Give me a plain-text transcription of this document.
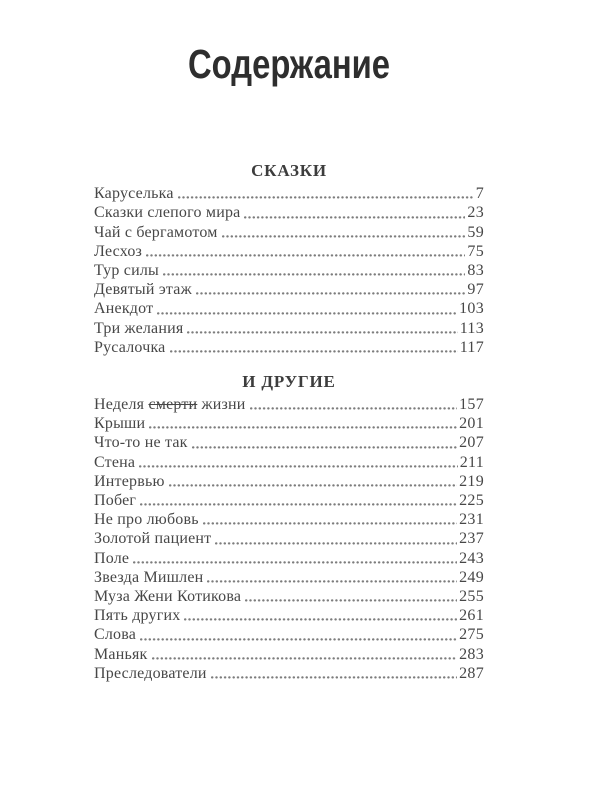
Содержание
СКАЗКИ
Каруселька	7
Сказки слепого мира	23
Чай с бергамотом	59
Лесхоз	75
Тур силы	83
Девятый этаж	97
Анекдот	103
Три желания	113
Русалочка	117
И ДРУГИЕ
Неделя смерти жизни	157
Крыши	201
Что-то не так	207
Стена	211
Интервью	219
Побег	225
Не про любовь	231
Золотой пациент	237
Поле	243
Звезда Мишлен	249
Муза Жени Котикова	255
Пять других	261
Слова	275
Маньяк	283
Преследователи	287
